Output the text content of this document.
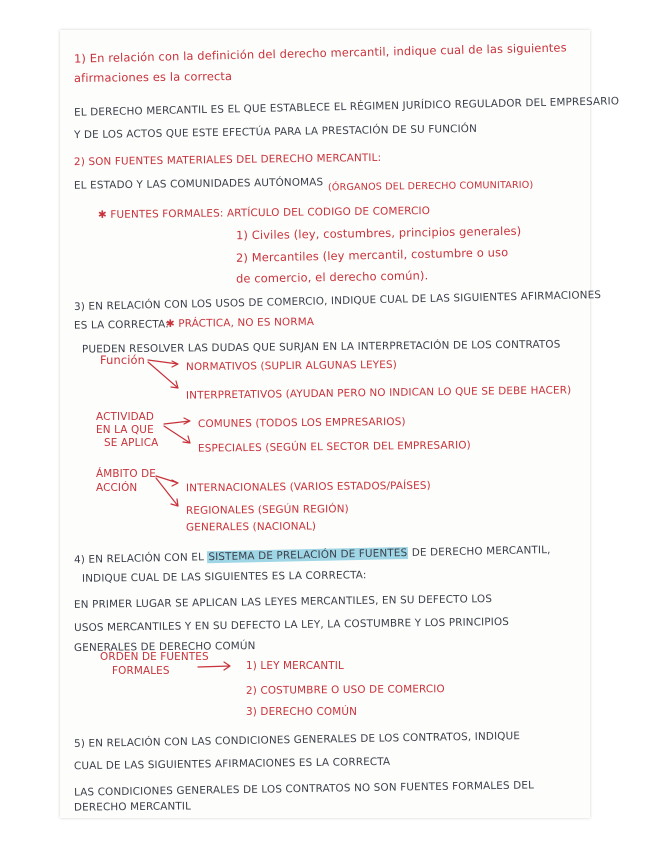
1) En relación con la definición del derecho mercantil, indique cual de las siguientes
afirmaciones es la correcta
EL DERECHO MERCANTIL ES EL QUE ESTABLECE EL RÉGIMEN JURÍDICO REGULADOR DEL EMPRESARIO
Y DE LOS ACTOS QUE ESTE EFECTÚA PARA LA PRESTACIÓN DE SU FUNCIÓN
2) SON FUENTES MATERIALES DEL DERECHO MERCANTIL:
EL ESTADO Y LAS COMUNIDADES AUTÓNOMAS (ÓRGANOS DEL DERECHO COMUNITARIO)
✱ FUENTES FORMALES: ARTÍCULO DEL CODIGO DE COMERCIO
1) Civiles (ley, costumbres, principios generales)
2) Mercantiles (ley mercantil, costumbre o uso
de comercio, el derecho común).
3) EN RELACIÓN CON LOS USOS DE COMERCIO, INDIQUE CUAL DE LAS SIGUIENTES AFIRMACIONES
ES LA CORRECTA:
✱ PRÁCTICA, NO ES NORMA
PUEDEN RESOLVER LAS DUDAS QUE SURJAN EN LA INTERPRETACIÓN DE LOS CONTRATOS
Función	NORMATIVOS (SUPLIR ALGUNAS LEYES)
INTERPRETATIVOS (AYUDAN PERO NO INDICAN LO QUE SE DEBE HACER)
ACTIVIDAD
EN LA QUE
SE APLICA
COMUNES (TODOS LOS EMPRESARIOS)
ESPECIALES (SEGÚN EL SECTOR DEL EMPRESARIO)
ÁMBITO DE
ACCIÓN	INTERNACIONALES (VARIOS ESTADOS/PAÍSES)
REGIONALES (SEGÚN REGIÓN)
GENERALES (NACIONAL)
4) EN RELACIÓN CON EL SISTEMA DE PRELACIÓN DE FUENTES DE DERECHO MERCANTIL,
INDIQUE CUAL DE LAS SIGUIENTES ES LA CORRECTA:
EN PRIMER LUGAR SE APLICAN LAS LEYES MERCANTILES, EN SU DEFECTO LOS
USOS MERCANTILES Y EN SU DEFECTO LA LEY, LA COSTUMBRE Y LOS PRINCIPIOS
GENERALES DE DERECHO COMÚN
ORDEN DE FUENTES
FORMALES	1) LEY MERCANTIL
2) COSTUMBRE O USO DE COMERCIO
3) DERECHO COMÚN
5) EN RELACIÓN CON LAS CONDICIONES GENERALES DE LOS CONTRATOS, INDIQUE
CUAL DE LAS SIGUIENTES AFIRMACIONES ES LA CORRECTA
LAS CONDICIONES GENERALES DE LOS CONTRATOS NO SON FUENTES FORMALES DEL
DERECHO MERCANTIL
